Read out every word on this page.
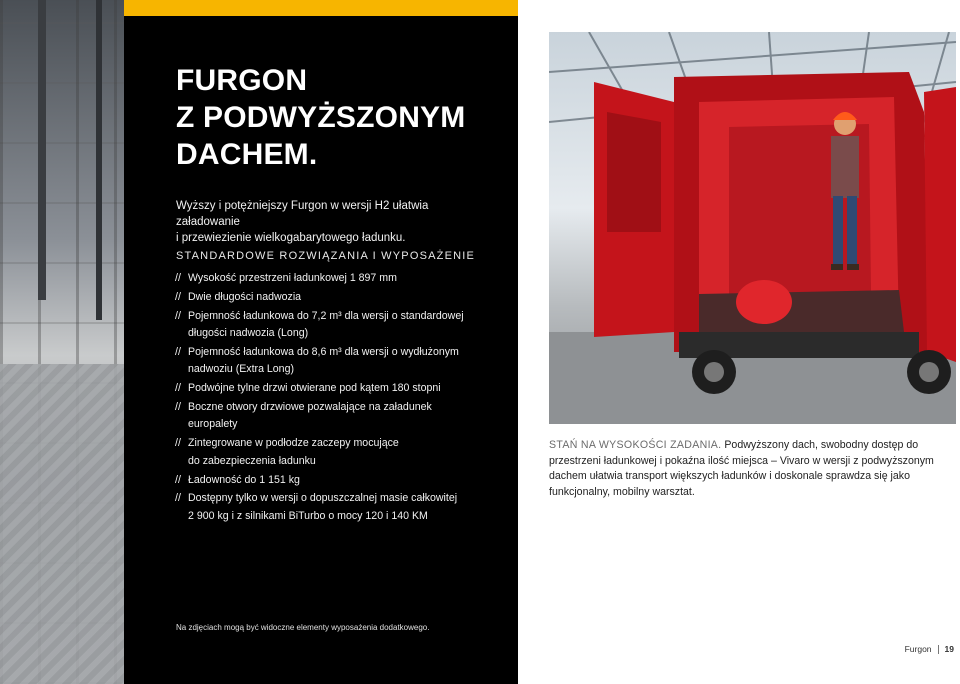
FURGON
Z PODWYŻSZONYM
DACHEM.

Wyższy i potężniejszy Furgon w wersji H2 ułatwia załadowanie
i przewiezienie wielkogabarytowego ładunku.

STANDARDOWE ROZWIĄZANIA I WYPOSAŻENIE

// Wysokość przestrzeni ładunkowej 1 897 mm
// Dwie długości nadwozia
// Pojemność ładunkowa do 7,2 m³ dla wersji o standardowej
długości nadwozia (Long)
// Pojemność ładunkowa do 8,6 m³ dla wersji o wydłużonym
nadwoziu (Extra Long)
// Podwójne tylne drzwi otwierane pod kątem 180 stopni
// Boczne otwory drzwiowe pozwalające na załadunek
europalety
// Zintegrowane w podłodze zaczepy mocujące
do zabezpieczenia ładunku
// Ładowność do 1 151 kg
// Dostępny tylko w wersji o dopuszczalnej masie całkowitej
2 900 kg i z silnikami BiTurbo o mocy 120 i 140 KM

Na zdjęciach mogą być widoczne elementy wyposażenia dodatkowego.

STAŃ NA WYSOKOŚCI ZADANIA. Podwyższony dach, swobodny dostęp do przestrzeni ładunkowej i pokaźna ilość miejsca – Vivaro w wersji z podwyższonym dachem ułatwia transport większych ładunków i doskonale sprawdza się jako funkcjonalny, mobilny warsztat.

Furgon 19
